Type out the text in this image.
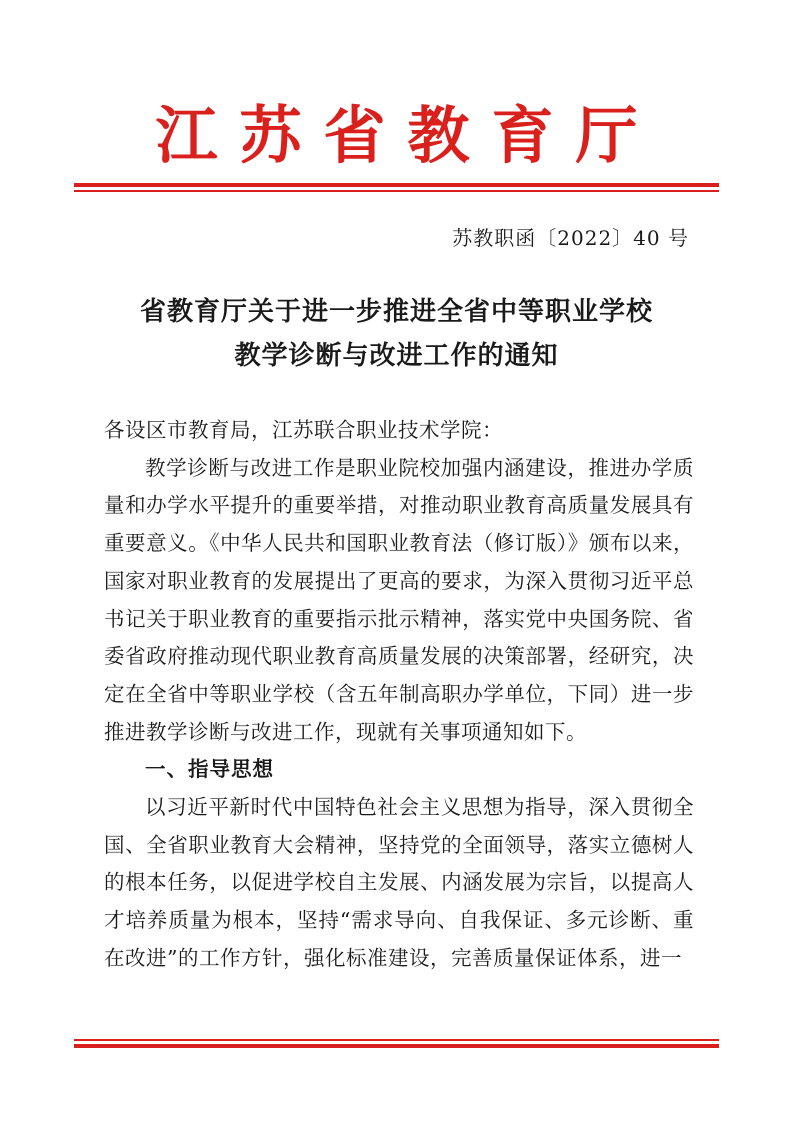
江苏省教育厅
苏教职函〔2022〕40 号
省教育厅关于进一步推进全省中等职业学校
教学诊断与改进工作的通知

各设区市教育局，江苏联合职业技术学院：

教学诊断与改进工作是职业院校加强内涵建设，推进办学质量和办学水平提升的重要举措，对推动职业教育高质量发展具有重要意义。《中华人民共和国职业教育法（修订版）》颁布以来，国家对职业教育的发展提出了更高的要求，为深入贯彻习近平总书记关于职业教育的重要指示批示精神，落实党中央国务院、省委省政府推动现代职业教育高质量发展的决策部署，经研究，决定在全省中等职业学校（含五年制高职办学单位，下同）进一步推进教学诊断与改进工作，现就有关事项通知如下。

一、指导思想

以习近平新时代中国特色社会主义思想为指导，深入贯彻全国、全省职业教育大会精神，坚持党的全面领导，落实立德树人的根本任务，以促进学校自主发展、内涵发展为宗旨，以提高人才培养质量为根本，坚持“需求导向、自我保证、多元诊断、重在改进”的工作方针，强化标准建设，完善质量保证体系，进一
